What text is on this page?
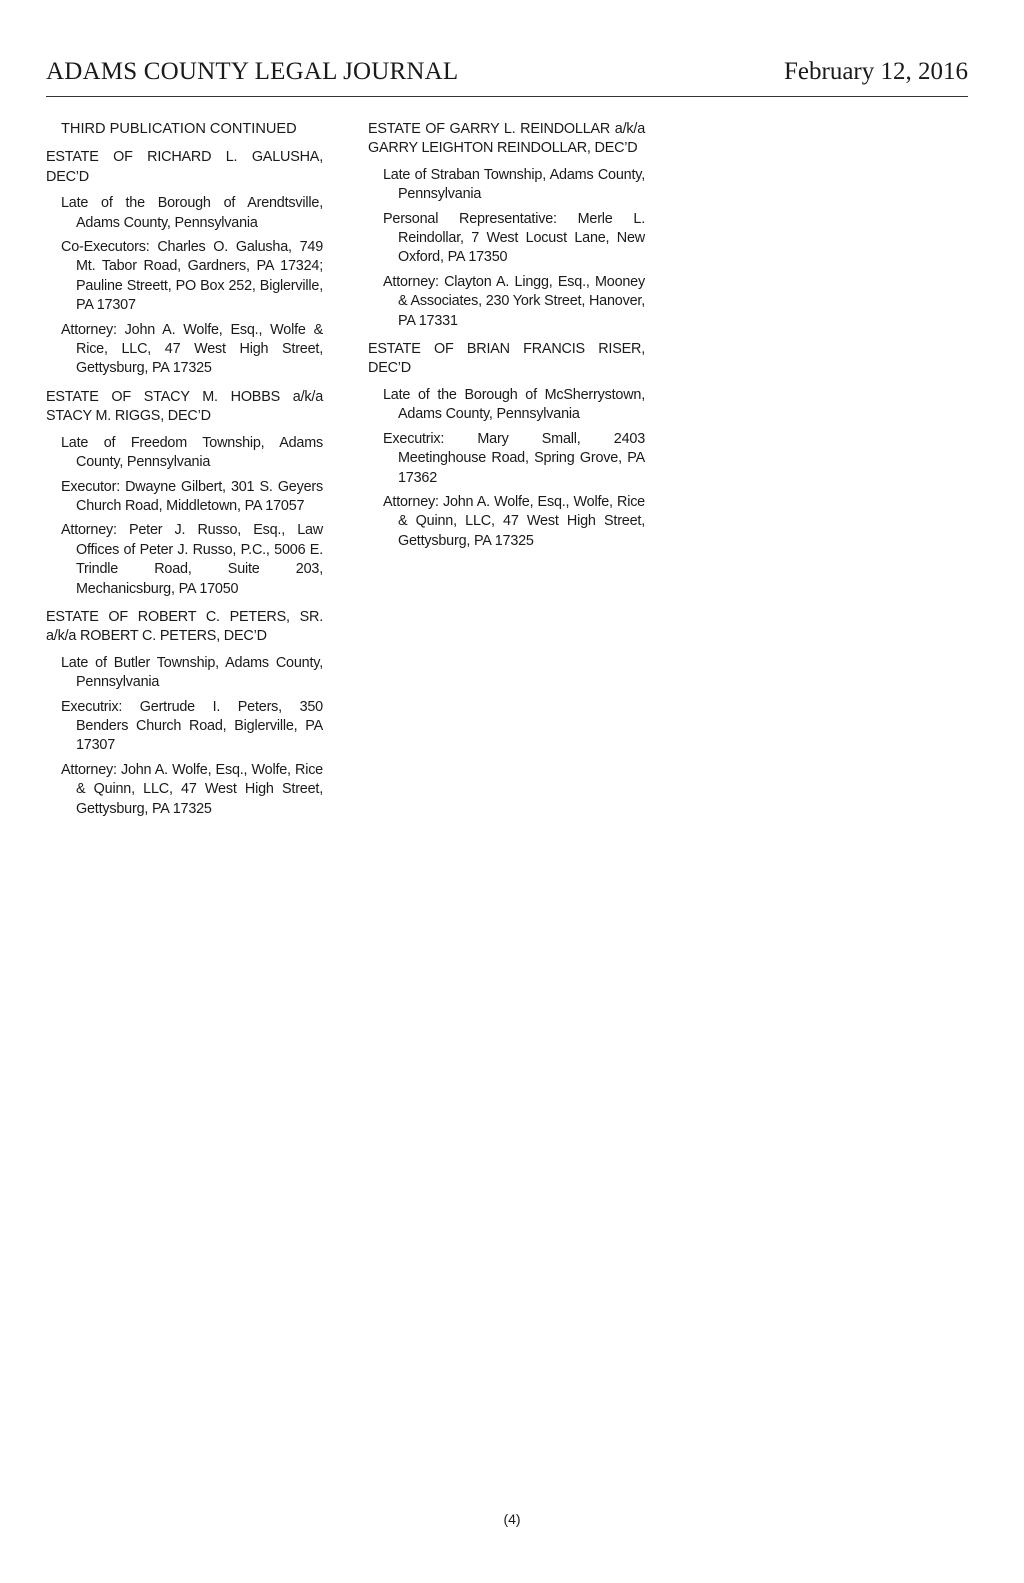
ADAMS COUNTY LEGAL JOURNAL	February 12, 2016
THIRD PUBLICATION CONTINUED
ESTATE OF RICHARD L. GALUSHA, DEC’D
Late of the Borough of Arendtsville, Adams County, Pennsylvania
Co-Executors: Charles O. Galusha, 749 Mt. Tabor Road, Gardners, PA 17324; Pauline Streett, PO Box 252, Biglerville, PA 17307
Attorney: John A. Wolfe, Esq., Wolfe & Rice, LLC, 47 West High Street, Gettysburg, PA 17325
ESTATE OF STACY M. HOBBS a/k/a STACY M. RIGGS, DEC’D
Late of Freedom Township, Adams County, Pennsylvania
Executor: Dwayne Gilbert, 301 S. Geyers Church Road, Middletown, PA 17057
Attorney: Peter J. Russo, Esq., Law Offices of Peter J. Russo, P.C., 5006 E. Trindle Road, Suite 203, Mechanicsburg, PA 17050
ESTATE OF ROBERT C. PETERS, SR. a/k/a ROBERT C. PETERS, DEC’D
Late of Butler Township, Adams County, Pennsylvania
Executrix: Gertrude I. Peters, 350 Benders Church Road, Biglerville, PA 17307
Attorney: John A. Wolfe, Esq., Wolfe, Rice & Quinn, LLC, 47 West High Street, Gettysburg, PA 17325
ESTATE OF GARRY L. REINDOLLAR a/k/a GARRY LEIGHTON REINDOLLAR, DEC’D
Late of Straban Township, Adams County, Pennsylvania
Personal Representative: Merle L. Reindollar, 7 West Locust Lane, New Oxford, PA 17350
Attorney: Clayton A. Lingg, Esq., Mooney & Associates, 230 York Street, Hanover, PA 17331
ESTATE OF BRIAN FRANCIS RISER, DEC’D
Late of the Borough of McSherrystown, Adams County, Pennsylvania
Executrix: Mary Small, 2403 Meetinghouse Road, Spring Grove, PA 17362
Attorney: John A. Wolfe, Esq., Wolfe, Rice & Quinn, LLC, 47 West High Street, Gettysburg, PA 17325
(4)
